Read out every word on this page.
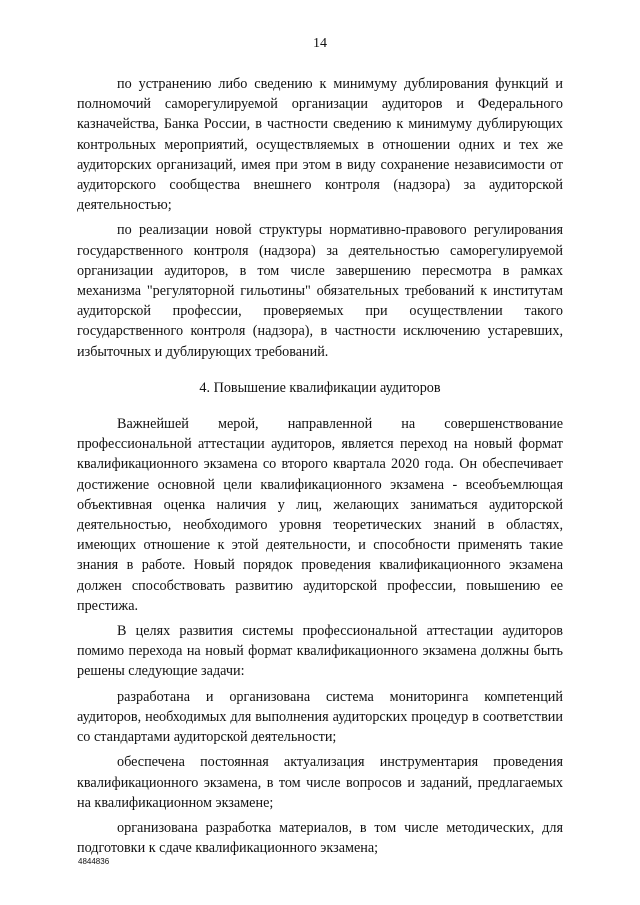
14

по устранению либо сведению к минимуму дублирования функций и полномочий саморегулируемой организации аудиторов и Федерального казначейства, Банка России, в частности сведению к минимуму дублирующих контрольных мероприятий, осуществляемых в отношении одних и тех же аудиторских организаций, имея при этом в виду сохранение независимости от аудиторского сообщества внешнего контроля (надзора) за аудиторской деятельностью;

по реализации новой структуры нормативно-правового регулирования государственного контроля (надзора) за деятельностью саморегулируемой организации аудиторов, в том числе завершению пересмотра в рамках механизма "регуляторной гильотины" обязательных требований к институтам аудиторской профессии, проверяемых при осуществлении такого государственного контроля (надзора), в частности исключению устаревших, избыточных и дублирующих требований.

4. Повышение квалификации аудиторов

Важнейшей мерой, направленной на совершенствование профессиональной аттестации аудиторов, является переход на новый формат квалификационного экзамена со второго квартала 2020 года. Он обеспечивает достижение основной цели квалификационного экзамена - всеобъемлющая объективная оценка наличия у лиц, желающих заниматься аудиторской деятельностью, необходимого уровня теоретических знаний в областях, имеющих отношение к этой деятельности, и способности применять такие знания в работе. Новый порядок проведения квалификационного экзамена должен способствовать развитию аудиторской профессии, повышению ее престижа.

В целях развития системы профессиональной аттестации аудиторов помимо перехода на новый формат квалификационного экзамена должны быть решены следующие задачи:

разработана и организована система мониторинга компетенций аудиторов, необходимых для выполнения аудиторских процедур в соответствии со стандартами аудиторской деятельности;

обеспечена постоянная актуализация инструментария проведения квалификационного экзамена, в том числе вопросов и заданий, предлагаемых на квалификационном экзамене;

организована разработка материалов, в том числе методических, для подготовки к сдаче квалификационного экзамена;

4844836
